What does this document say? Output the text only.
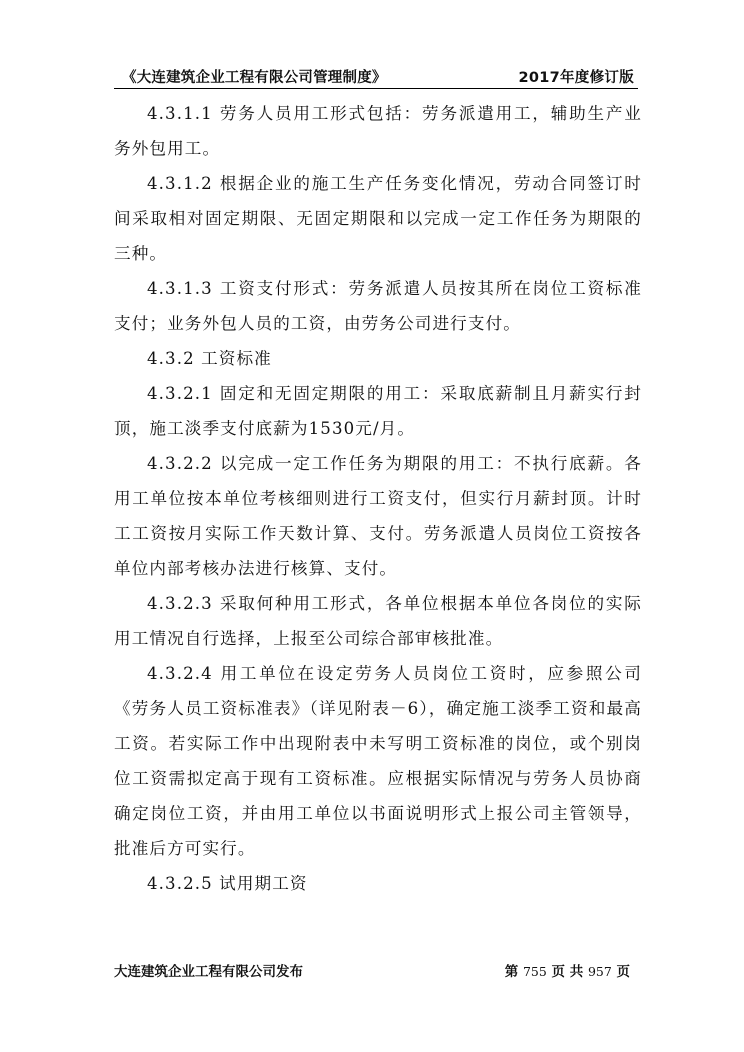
《大连建筑企业工程有限公司管理制度》	2017年度修订版

4.3.1.1 劳务人员用工形式包括：劳务派遣用工，辅助生产业务外包用工。

4.3.1.2 根据企业的施工生产任务变化情况，劳动合同签订时间采取相对固定期限、无固定期限和以完成一定工作任务为期限的三种。

4.3.1.3 工资支付形式：劳务派遣人员按其所在岗位工资标准支付；业务外包人员的工资，由劳务公司进行支付。

4.3.2 工资标准

4.3.2.1 固定和无固定期限的用工：采取底薪制且月薪实行封顶，施工淡季支付底薪为1530元/月。

4.3.2.2 以完成一定工作任务为期限的用工：不执行底薪。各用工单位按本单位考核细则进行工资支付，但实行月薪封顶。计时工工资按月实际工作天数计算、支付。劳务派遣人员岗位工资按各单位内部考核办法进行核算、支付。

4.3.2.3 采取何种用工形式，各单位根据本单位各岗位的实际用工情况自行选择，上报至公司综合部审核批准。

4.3.2.4 用工单位在设定劳务人员岗位工资时，应参照公司《劳务人员工资标准表》（详见附表－6），确定施工淡季工资和最高工资。若实际工作中出现附表中未写明工资标准的岗位，或个别岗位工资需拟定高于现有工资标准。应根据实际情况与劳务人员协商确定岗位工资，并由用工单位以书面说明形式上报公司主管领导，批准后方可实行。

4.3.2.5 试用期工资

大连建筑企业工程有限公司发布	第 755 页 共 957 页
